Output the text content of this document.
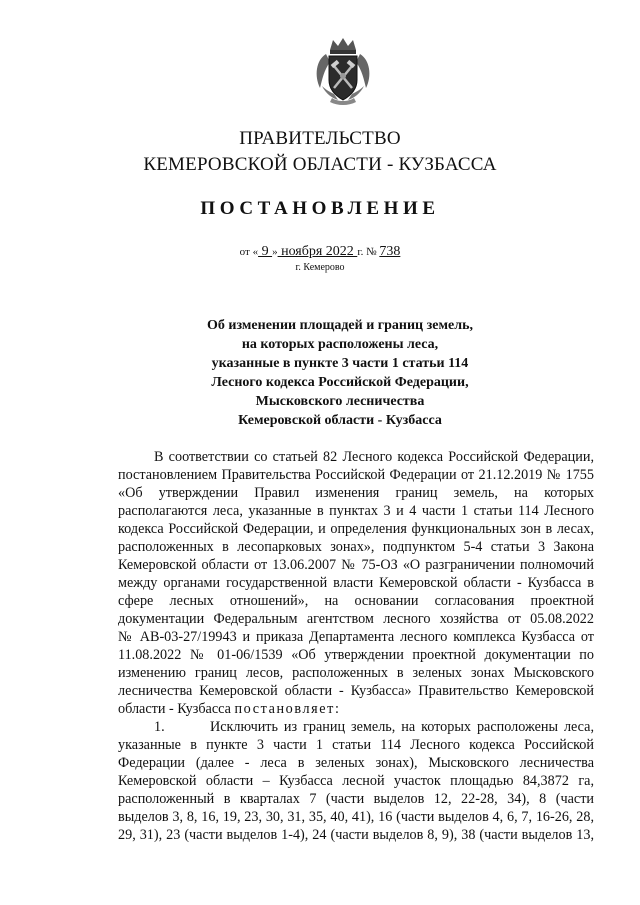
ПРАВИТЕЛЬСТВО
КЕМЕРОВСКОЙ ОБЛАСТИ - КУЗБАССА
ПОСТАНОВЛЕНИЕ
от « 9 » ноября 2022 г. № 738
г. Кемерово
Об изменении площадей и границ земель,
на которых расположены леса,
указанные в пункте 3 части 1 статьи 114
Лесного кодекса Российской Федерации,
Мысковского лесничества
Кемеровской области - Кузбасса
В соответствии со статьей 82 Лесного кодекса Российской Федерации,
постановлением Правительства Российской Федерации от 21.12.2019 № 1755
«Об утверждении Правил изменения границ земель, на которых
располагаются леса, указанные в пунктах 3 и 4 части 1 статьи 114 Лесного
кодекса Российской Федерации, и определения функциональных зон в лесах,
расположенных в лесопарковых зонах», подпунктом 5-4 статьи 3 Закона
Кемеровской области от 13.06.2007 № 75-ОЗ «О разграничении полномочий
между органами государственной власти Кемеровской области - Кузбасса в
сфере лесных отношений», на основании согласования проектной
документации Федеральным агентством лесного хозяйства от 05.08.2022
№ АВ-03-27/19943 и приказа Департамента лесного комплекса Кузбасса от
11.08.2022 № 01-06/1539 «Об утверждении проектной документации по
изменению границ лесов, расположенных в зеленых зонах Мысковского
лесничества Кемеровской области - Кузбасса» Правительство Кемеровской
области - Кузбасса постановляет:
1.	Исключить из границ земель, на которых расположены леса,
указанные в пункте 3 части 1 статьи 114 Лесного кодекса Российской
Федерации (далее - леса в зеленых зонах), Мысковского лесничества
Кемеровской области – Кузбасса лесной участок площадью 84,3872 га,
расположенный в кварталах 7 (части выделов 12, 22-28, 34), 8 (части
выделов 3, 8, 16, 19, 23, 30, 31, 35, 40, 41), 16 (части выделов 4, 6, 7, 16-26, 28,
29, 31), 23 (части выделов 1-4), 24 (части выделов 8, 9), 38 (части выделов 13,
